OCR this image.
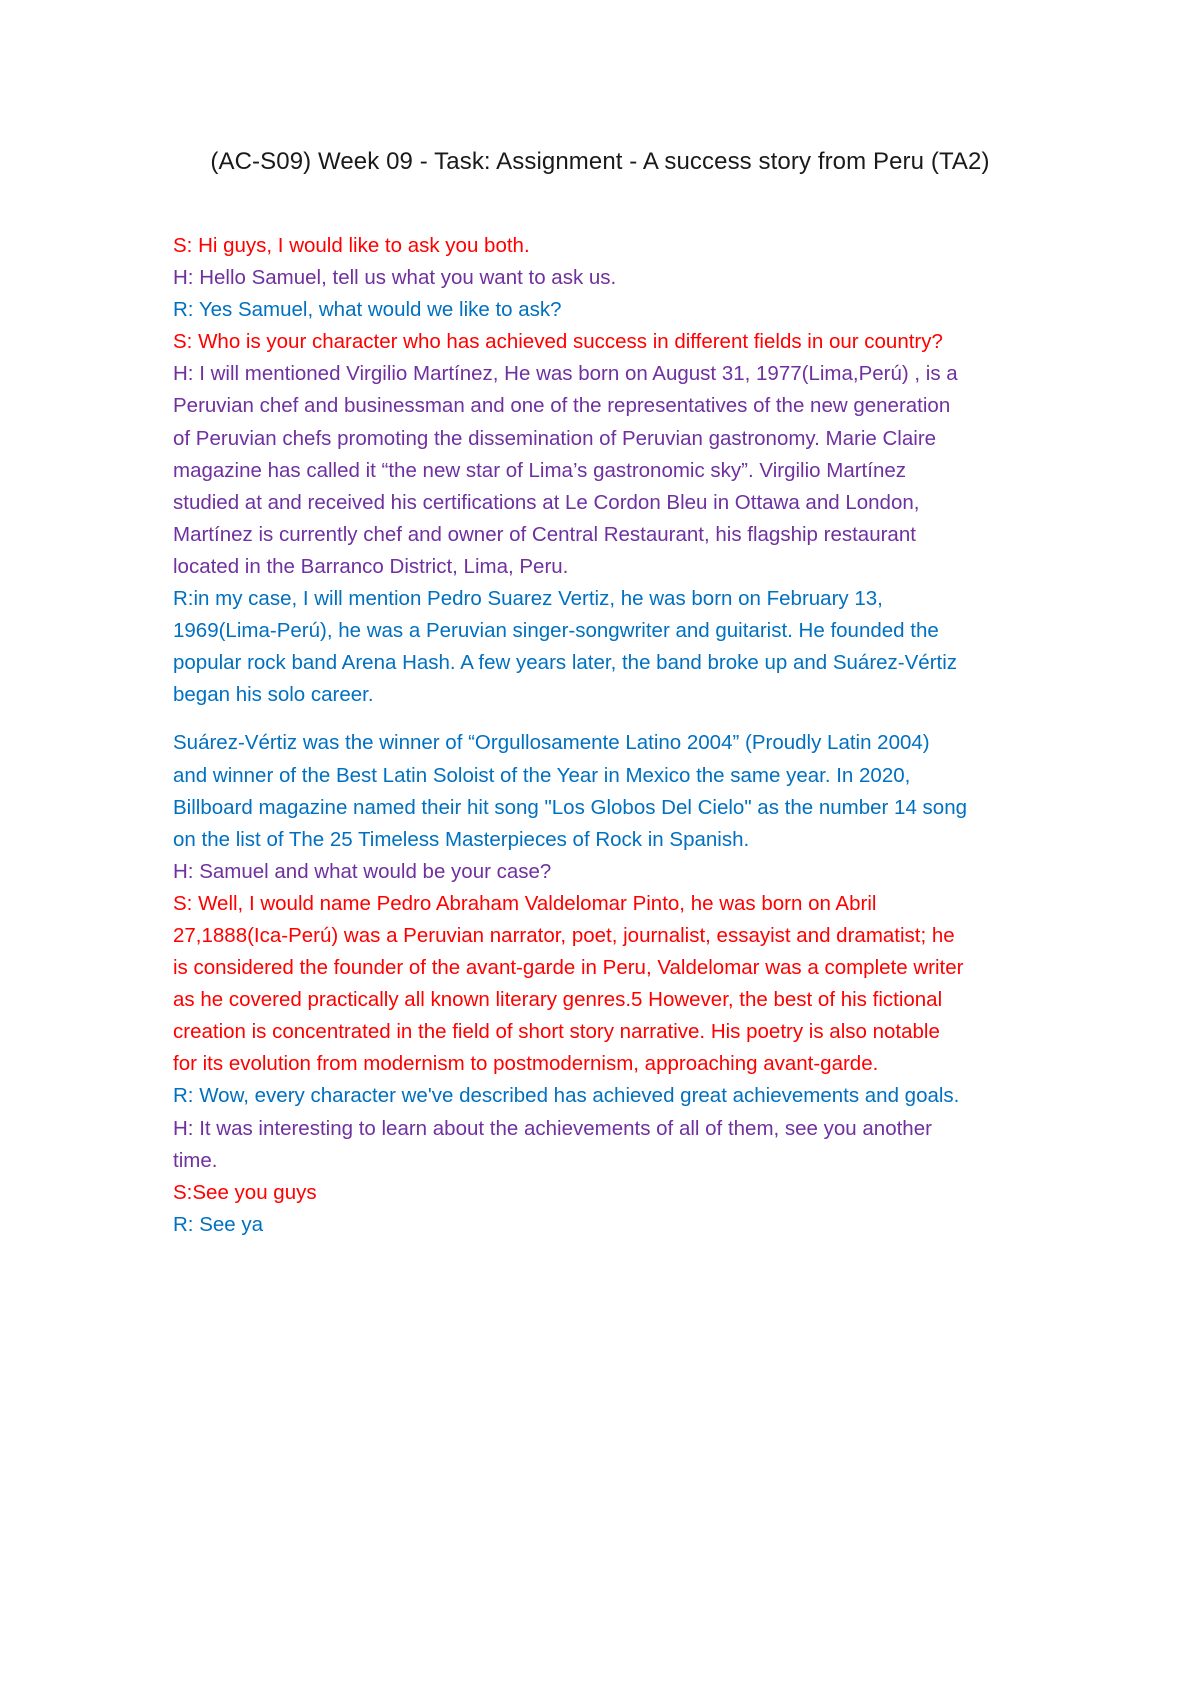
(AC-S09) Week 09 - Task: Assignment - A success story from Peru (TA2)

S: Hi guys, I would like to ask you both.

H: Hello Samuel, tell us what you want to ask us.

R: Yes Samuel, what would we like to ask?

S: Who is your character who has achieved success in different fields in our country?

H: I will mentioned Virgilio Martínez, He was born on August 31, 1977(Lima,Perú) , is a

Peruvian chef and businessman and one of the representatives of the new generation

of Peruvian chefs promoting the dissemination of Peruvian gastronomy. Marie Claire

magazine has called it “the new star of Lima’s gastronomic sky”. Virgilio Martínez

studied at and received his certifications at Le Cordon Bleu in Ottawa and London,

Martínez is currently chef and owner of Central Restaurant, his flagship restaurant

located in the Barranco District, Lima, Peru.

R:in my case, I will mention Pedro Suarez Vertiz, he was born on February 13,

1969(Lima-Perú), he was a Peruvian singer-songwriter and guitarist. He founded the

popular rock band Arena Hash. A few years later, the band broke up and Suárez-Vértiz

began his solo career.

Suárez-Vértiz was the winner of “Orgullosamente Latino 2004” (Proudly Latin 2004)

and winner of the Best Latin Soloist of the Year in Mexico the same year. In 2020,

Billboard magazine named their hit song "Los Globos Del Cielo" as the number 14 song

on the list of The 25 Timeless Masterpieces of Rock in Spanish.

H: Samuel and what would be your case?

S: Well, I would name Pedro Abraham Valdelomar Pinto, he was born on Abril

27,1888(Ica-Perú) was a Peruvian narrator, poet, journalist, essayist and dramatist; he

is considered the founder of the avant-garde in Peru, Valdelomar was a complete writer

as he covered practically all known literary genres.5 However, the best of his fictional

creation is concentrated in the field of short story narrative. His poetry is also notable

for its evolution from modernism to postmodernism, approaching avant-garde.

R: Wow, every character we've described has achieved great achievements and goals.

H: It was interesting to learn about the achievements of all of them, see you another

time.

S:See you guys

R: See ya
